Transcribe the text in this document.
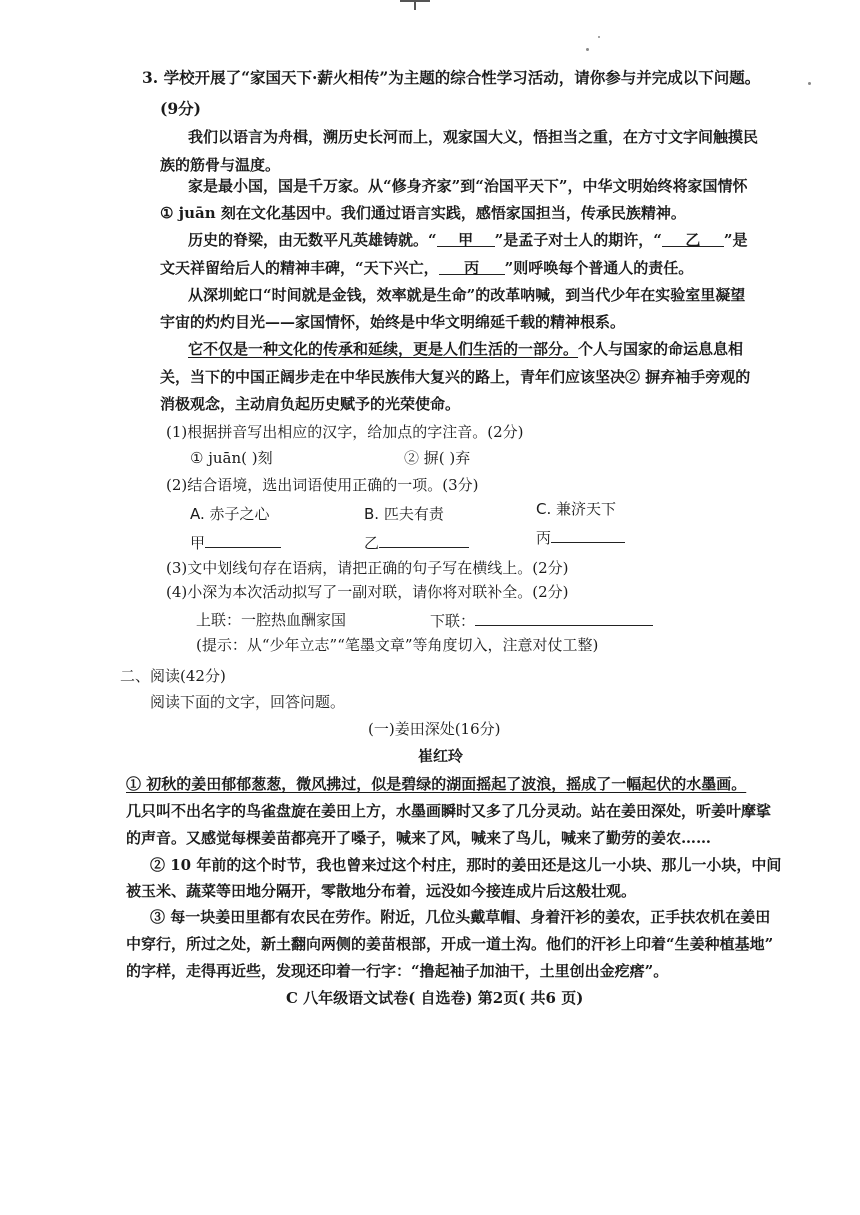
3. 学校开展了“家国天下·薪火相传”为主题的综合性学习活动，请你参与并完成以下问题。
(9分)
我们以语言为舟楫，溯历史长河而上，观家国大义，悟担当之重，在方寸文字间触摸民
族的筋骨与温度。
家是最小国，国是千万家。从“修身齐家”到“治国平天下”，中华文明始终将家国情怀
① juān 刻在文化基因中。我们通过语言实践，感悟家国担当，传承民族精神。
历史的脊梁，由无数平凡英雄铸就。“ 甲 ”是孟子对士人的期许，“ 乙 ”是
文天祥留给后人的精神丰碑，“天下兴亡， 丙 ”则呼唤每个普通人的责任。
从深圳蛇口“时间就是金钱，效率就是生命”的改革呐喊，到当代少年在实验室里凝望
宇宙的灼灼目光——家国情怀，始终是中华文明绵延千载的精神根系。
它不仅是一种文化的传承和延续，更是人们生活的一部分。个人与国家的命运息息相
关，当下的中国正阔步走在中华民族伟大复兴的路上，青年们应该坚决② 摒弃袖手旁观的
消极观念，主动肩负起历史赋予的光荣使命。
(1)根据拼音写出相应的汉字，给加点的字注音。(2分)
① juān( )刻	② 摒( )弃
(2)结合语境，选出词语使用正确的一项。(3分)
A. 赤子之心	B. 匹夫有责	C. 兼济天下
甲	乙	丙
(3)文中划线句存在语病，请把正确的句子写在横线上。(2分)
(4)小深为本次活动拟写了一副对联，请你将对联补全。(2分)
上联：一腔热血酬家国	下联：
(提示：从“少年立志”“笔墨文章”等角度切入，注意对仗工整)
二、阅读(42分)
阅读下面的文字，回答问题。
(一)姜田深处(16分)
崔红玲
① 初秋的姜田郁郁葱葱，微风拂过，似是碧绿的湖面摇起了波浪，摇成了一幅起伏的水墨画。
几只叫不出名字的鸟雀盘旋在姜田上方，水墨画瞬时又多了几分灵动。站在姜田深处，听姜叶摩挲
的声音。又感觉每棵姜苗都亮开了嗓子，喊来了风，喊来了鸟儿，喊来了勤劳的姜农……
② 10 年前的这个时节，我也曾来过这个村庄，那时的姜田还是这儿一小块、那儿一小块，中间
被玉米、蔬菜等田地分隔开，零散地分布着，远没如今接连成片后这般壮观。
③ 每一块姜田里都有农民在劳作。附近，几位头戴草帽、身着汗衫的姜农，正手扶农机在姜田
中穿行，所过之处，新土翻向两侧的姜苗根部，开成一道土沟。他们的汗衫上印着“生姜种植基地”
的字样，走得再近些，发现还印着一行字：“撸起袖子加油干，土里创出金疙瘩”。
C 八年级语文试卷( 自选卷) 第2页( 共6 页)
